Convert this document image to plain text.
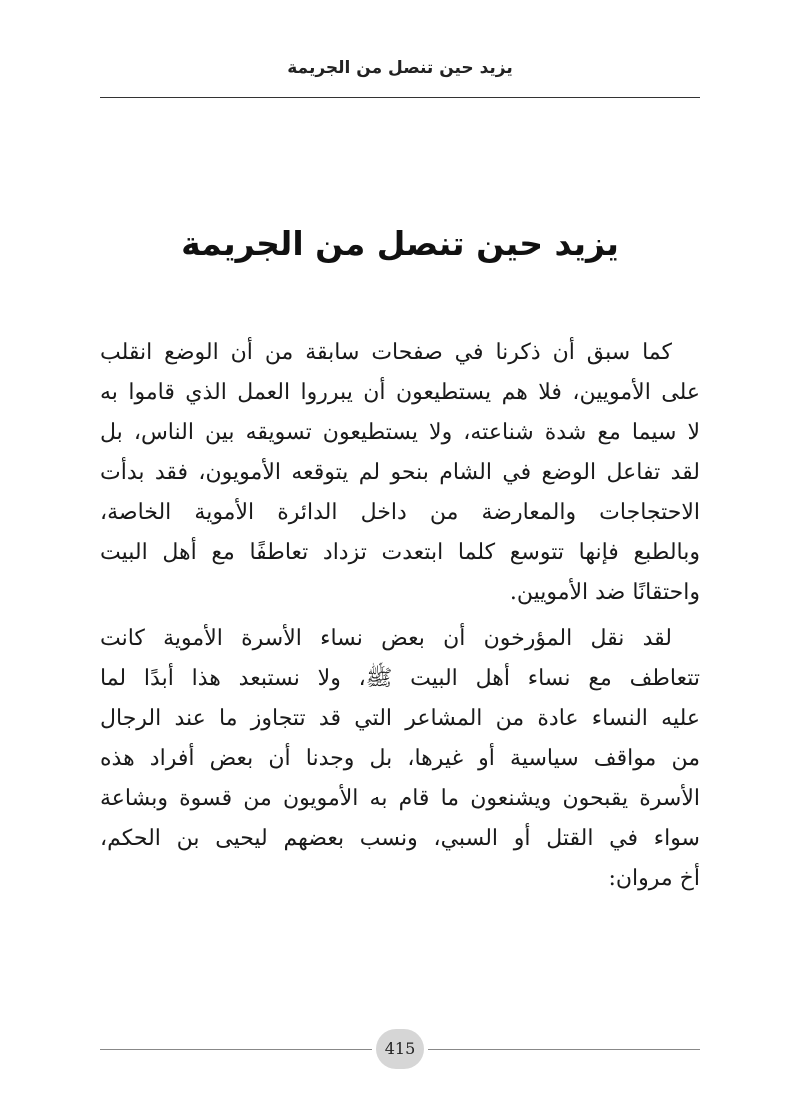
يزيد حين تنصل من الجريمة
يزيد حين تنصل من الجريمة

كما سبق أن ذكرنا في صفحات سابقة من أن الوضع انقلب
على الأمويين، فلا هم يستطيعون أن يبرروا العمل الذي قاموا به
لا سيما مع شدة شناعته، ولا يستطيعون تسويقه بين الناس، بل
لقد تفاعل الوضع في الشام بنحو لم يتوقعه الأمويون، فقد بدأت
الاحتجاجات والمعارضة من داخل الدائرة الأموية الخاصة،
وبالطبع فإنها تتوسع كلما ابتعدت تزداد تعاطفًا مع أهل البيت
واحتقانًا ضد الأمويين.

لقد نقل المؤرخون أن بعض نساء الأسرة الأموية كانت
تتعاطف مع نساء أهل البيت ﷺ، ولا نستبعد هذا أبدًا لما
عليه النساء عادة من المشاعر التي قد تتجاوز ما عند الرجال
من مواقف سياسية أو غيرها، بل وجدنا أن بعض أفراد هذه
الأسرة يقبحون ويشنعون ما قام به الأمويون من قسوة وبشاعة
سواء في القتل أو السبي، ونسب بعضهم ليحيى بن الحكم،
أخ مروان:

415
